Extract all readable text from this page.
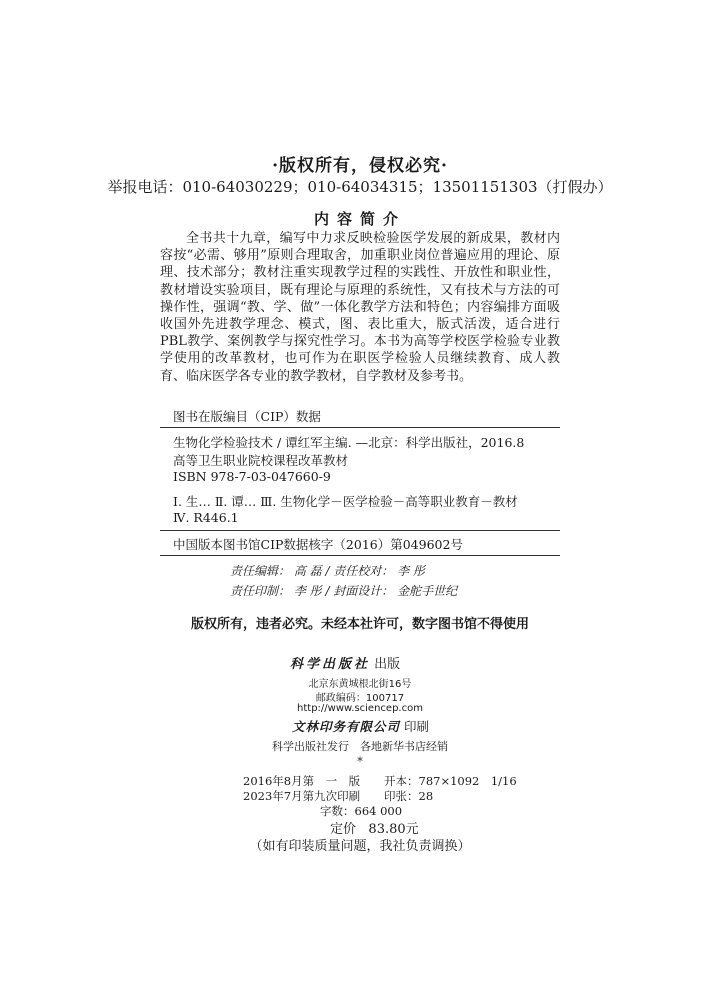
·版权所有，侵权必究·
举报电话：010-64030229；010-64034315；13501151303（打假办）
内容简介

全书共十九章，编写中力求反映检验医学发展的新成果，教材内容按“必需、够用”原则合理取舍，加重职业岗位普遍应用的理论、原理、技术部分；教材注重实现教学过程的实践性、开放性和职业性，教材增设实验项目，既有理论与原理的系统性，又有技术与方法的可操作性，强调“教、学、做”一体化教学方法和特色；内容编排方面吸收国外先进教学理念、模式，图、表比重大，版式活泼，适合进行PBL教学、案例教学与探究性学习。本书为高等学校医学检验专业教学使用的改革教材，也可作为在职医学检验人员继续教育、成人教育、临床医学各专业的教学教材，自学教材及参考书。

图书在版编目（CIP）数据
生物化学检验技术 / 谭红军主编. —北京：科学出版社，2016.8
高等卫生职业院校课程改革教材
ISBN 978-7-03-047660-9
Ⅰ. 生… Ⅱ. 谭… Ⅲ. 生物化学－医学检验－高等职业教育－教材
Ⅳ. R446.1
中国版本图书馆CIP数据核字（2016）第049602号
责任编辑： 高 磊 / 责任校对： 李 彤
责任印制： 李 彤 / 封面设计： 金舵手世纪
版权所有，违者必究。未经本社许可，数字图书馆不得使用
科学出版社 出版
北京东黄城根北街16号
邮政编码：100717
http://www.sciencep.com
文林印务有限公司 印刷
科学出版社发行　各地新华书店经销
*
2016年8月第　一　版 开本：787×1092　1/16
2023年7月第九次印刷 印张：28
字数：664 000
定价 83.80元
（如有印装质量问题，我社负责调换）
